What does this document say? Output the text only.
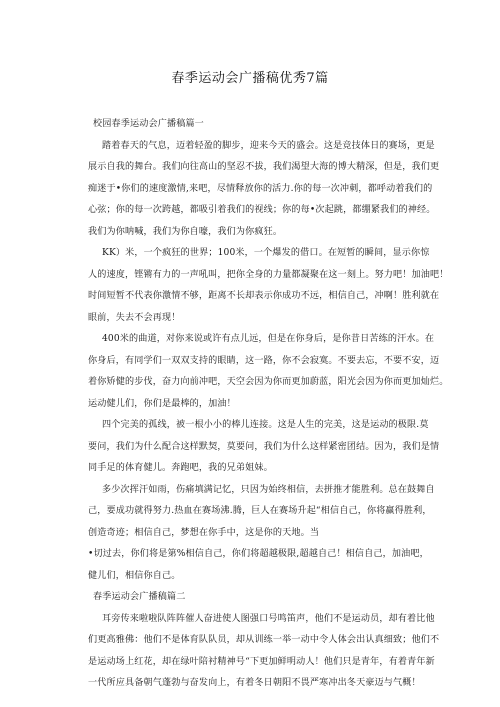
春季运动会广播稿优秀7篇
校园春季运动会广播稿篇一
踏着春天的气息，迈着轻盈的脚步，迎来今天的盛会。这是竞技体日的赛场，更是
展示自我的舞台。我们向往高山的坚忍不拔，我们渴望大海的博大精深，但是，我们更
痴迷于•你们的速度激情,来吧，尽情释放你的活力.你的每一次冲刺，都呼动着我们的
心弦；你的每一次跨越，都吸引着我们的视线；你的每•次起跳，都绷紧我们的神经。
我们为你呐喊，我们为你自嚎，我们为你疯狂。
KK）米，一个疯狂的世界；100米，一个爆发的借口。在短暂的瞬间，显示你惊
人的速度，铿锵有力的一声吼叫，把你全身的力量都凝聚在这一刻上。努力吧！加油吧！
时间短暂不代表你激情不够，距离不长却表示你成功不远，相信自己，冲啊！胜利就在
眼前，失去不会再现！
400米的曲道，对你来说或许有点儿远，但是在你身后，是你昔日苦练的汗水。在
你身后，有同学们一双双支持的眼睛，这一路，你不会寂寞。不要去忘，不要不安，迈
着你矫健的步伐，奋力向前冲吧，天空会因为你而更加蔚蓝，阳光会因为你而更加灿烂。
运动健儿们，你们是最棒的，加油！
四个完美的孤线，被一根小小的棒儿连接。这是人生的完美，这是运动的极限.莫
要问，我们为什么配合这样默契，莫要问，我们为什么这样紧密团结。因为，我们是情
同手足的体育健儿。奔跑吧，我的兄弟姐妹。
多少次挥汗如雨，伤痛填满记忆，只因为始终相信，去拼推才能胜利。总在鼓舞自
己，要成功就得努力.热血在赛场沸.腾，巨人在赛场升起“相信自己，你将赢得胜利，
创造奇迹；相信自己，梦想在你手中，这是你的天地。当
•切过去，你们将是第%相信自己，你们将超越极限,超越自己！相信自己，加油吧，
健儿们，相信你自己。
春季运动会广播稿篇二
耳旁传来啦啦队阵阵催人奋进使人图强口号鸣笛声，他们不是运动员，却有着比他
们更高雅佛：他们不是体育队队员，却从训练一举一动中令人体会出认真细致；他们不
是运动场上红花，却在绿叶陪衬精神号“下更加鲜明动人！他们只是青年，有着青年新
一代所应具备朝气蓬勃与奋发向上，有着冬日朝阳不畏严寒冲出冬天豪迈与气概！
